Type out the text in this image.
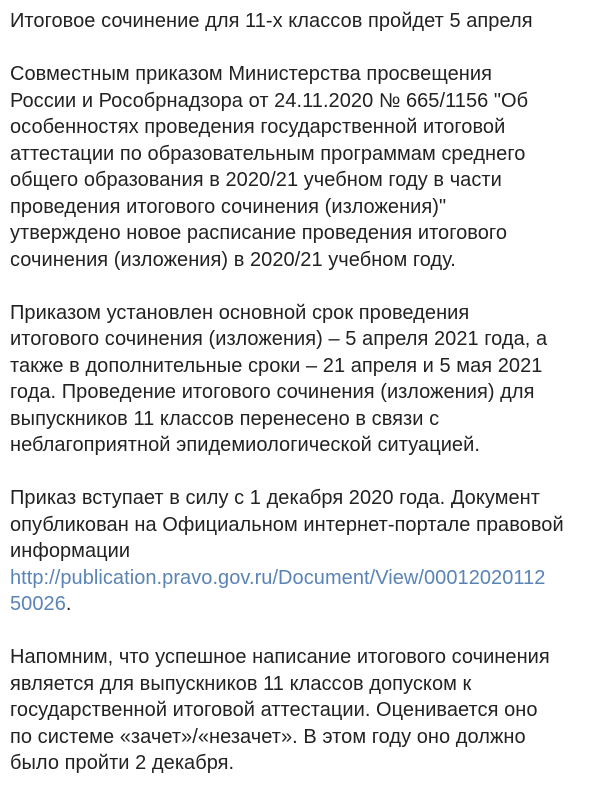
Итоговое сочинение для 11-х классов пройдет 5 апреля
Совместным приказом Министерства просвещения
России и Рособрнадзора от 24.11.2020 № 665/1156 "Об
особенностях проведения государственной итоговой
аттестации по образовательным программам среднего
общего образования в 2020/21 учебном году в части
проведения итогового сочинения (изложения)"
утверждено новое расписание проведения итогового
сочинения (изложения) в 2020/21 учебном году.
Приказом установлен основной срок проведения
итогового сочинения (изложения) – 5 апреля 2021 года, а
также в дополнительные сроки – 21 апреля и 5 мая 2021
года. Проведение итогового сочинения (изложения) для
выпускников 11 классов перенесено в связи с
неблагоприятной эпидемиологической ситуацией.
Приказ вступает в силу с 1 декабря 2020 года. Документ
опубликован на Официальном интернет-портале правовой
информации
http://publication.pravo.gov.ru/Document/View/00012020112
50026.
Напомним, что успешное написание итогового сочинения
является для выпускников 11 классов допуском к
государственной итоговой аттестации. Оценивается оно
по системе «зачет»/«незачет». В этом году оно должно
было пройти 2 декабря.
